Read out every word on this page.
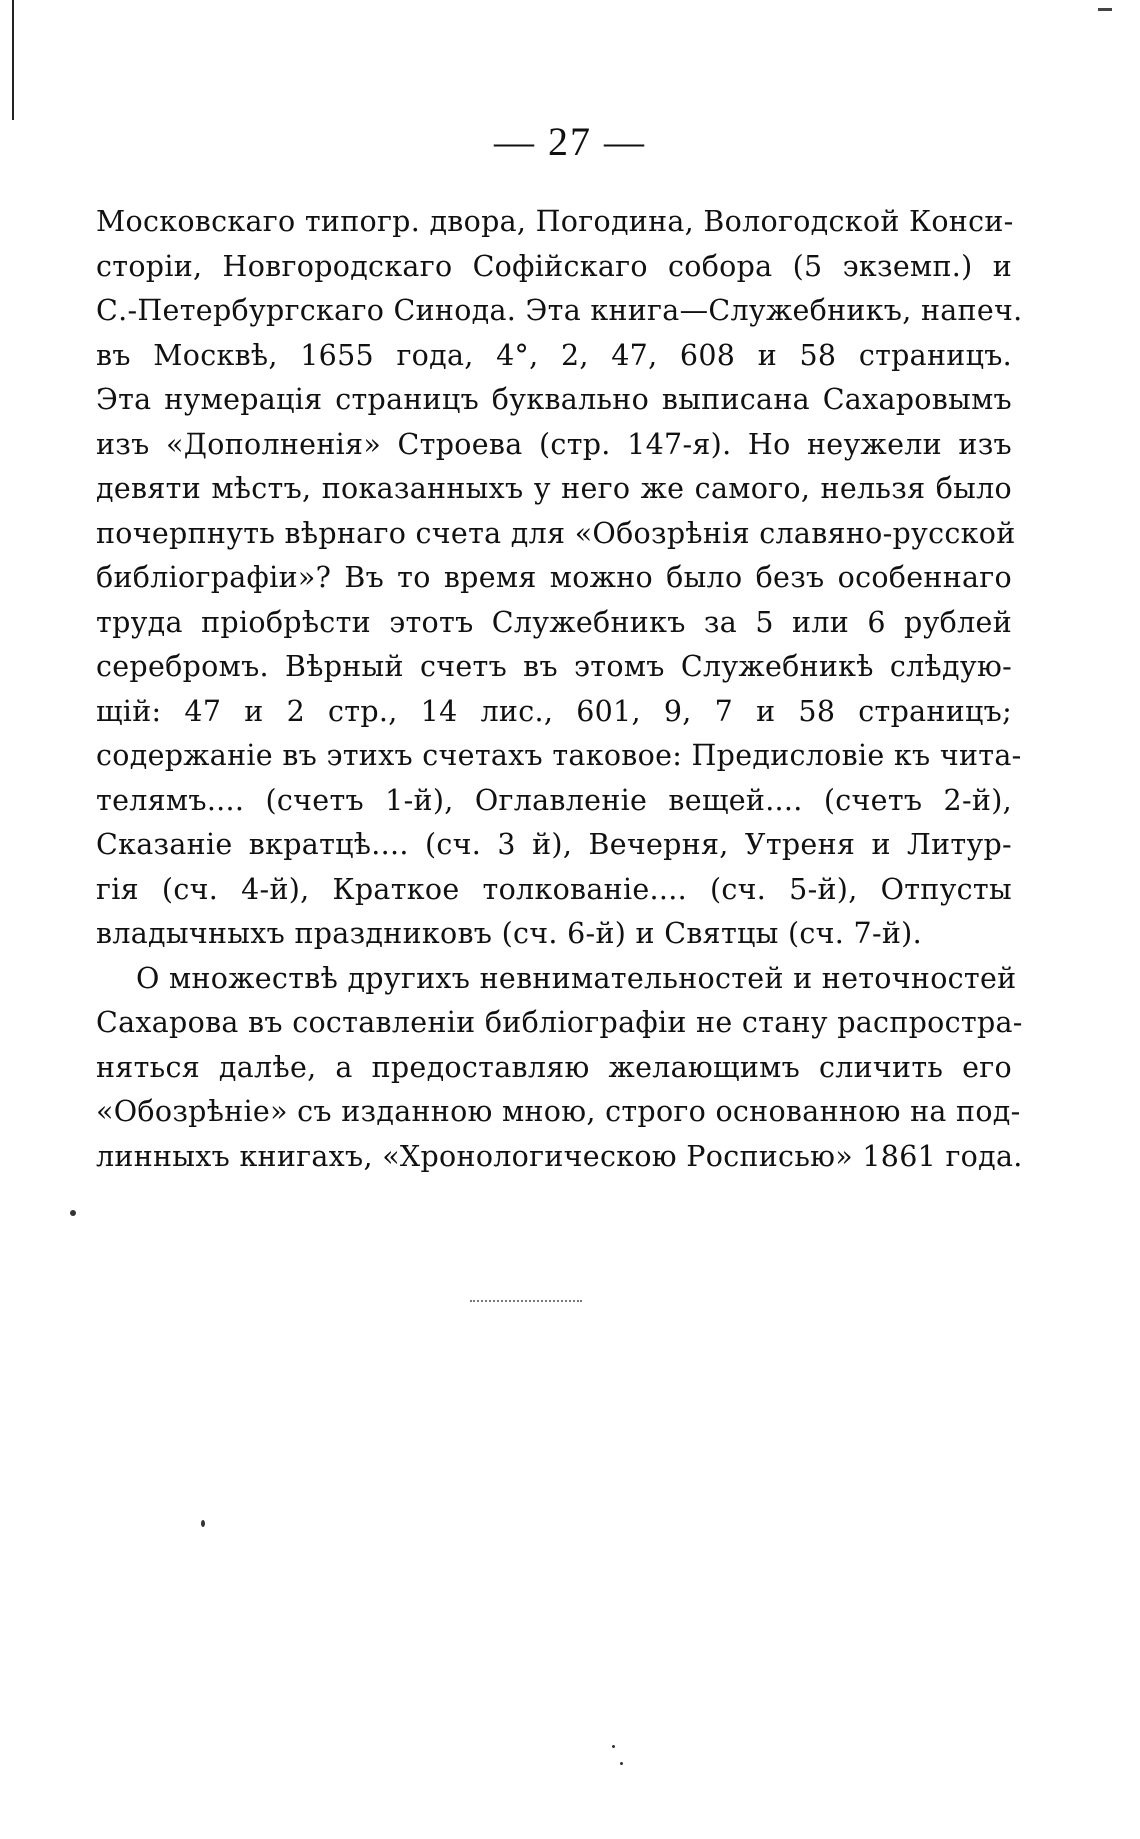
— 27 —
Московскаго типогр. двора, Погодина, Вологодской Конси-
сторіи, Новгородскаго Софійскаго собора (5 экземп.) и
С.-Петербургскаго Синода. Эта книга—Служебникъ, напеч.
въ Москвѣ, 1655 года, 4°, 2, 47, 608 и 58 страницъ.
Эта нумерація страницъ буквально выписана Сахаровымъ
изъ «Дополненія» Строева (стр. 147-я). Но неужели изъ
девяти мѣстъ, показанныхъ у него же самого, нельзя было
почерпнуть вѣрнаго счета для «Обозрѣнія славяно-русской
библіографіи»? Въ то время можно было безъ особеннаго
труда пріобрѣсти этотъ Служебникъ за 5 или 6 рублей
серебромъ. Вѣрный счетъ въ этомъ Служебникѣ слѣдую-
щій: 47 и 2 стр., 14 лис., 601, 9, 7 и 58 страницъ;
содержаніе въ этихъ счетахъ таковое: Предисловіе къ чита-
телямъ.... (счетъ 1-й), Оглавленіе вещей.... (счетъ 2-й),
Сказаніе вкратцѣ.... (сч. 3 й), Вечерня, Утреня и Литур-
гія (сч. 4-й), Краткое толкованіе.... (сч. 5-й), Отпусты
владычныхъ праздниковъ (сч. 6-й) и Святцы (сч. 7-й).
О множествѣ другихъ невнимательностей и неточностей
Сахарова въ составленіи библіографіи не стану распростра-
няться далѣе, а предоставляю желающимъ сличить его
«Обозрѣніе» съ изданною мною, строго основанною на под-
линныхъ книгахъ, «Хронологическою Росписью» 1861 года.
